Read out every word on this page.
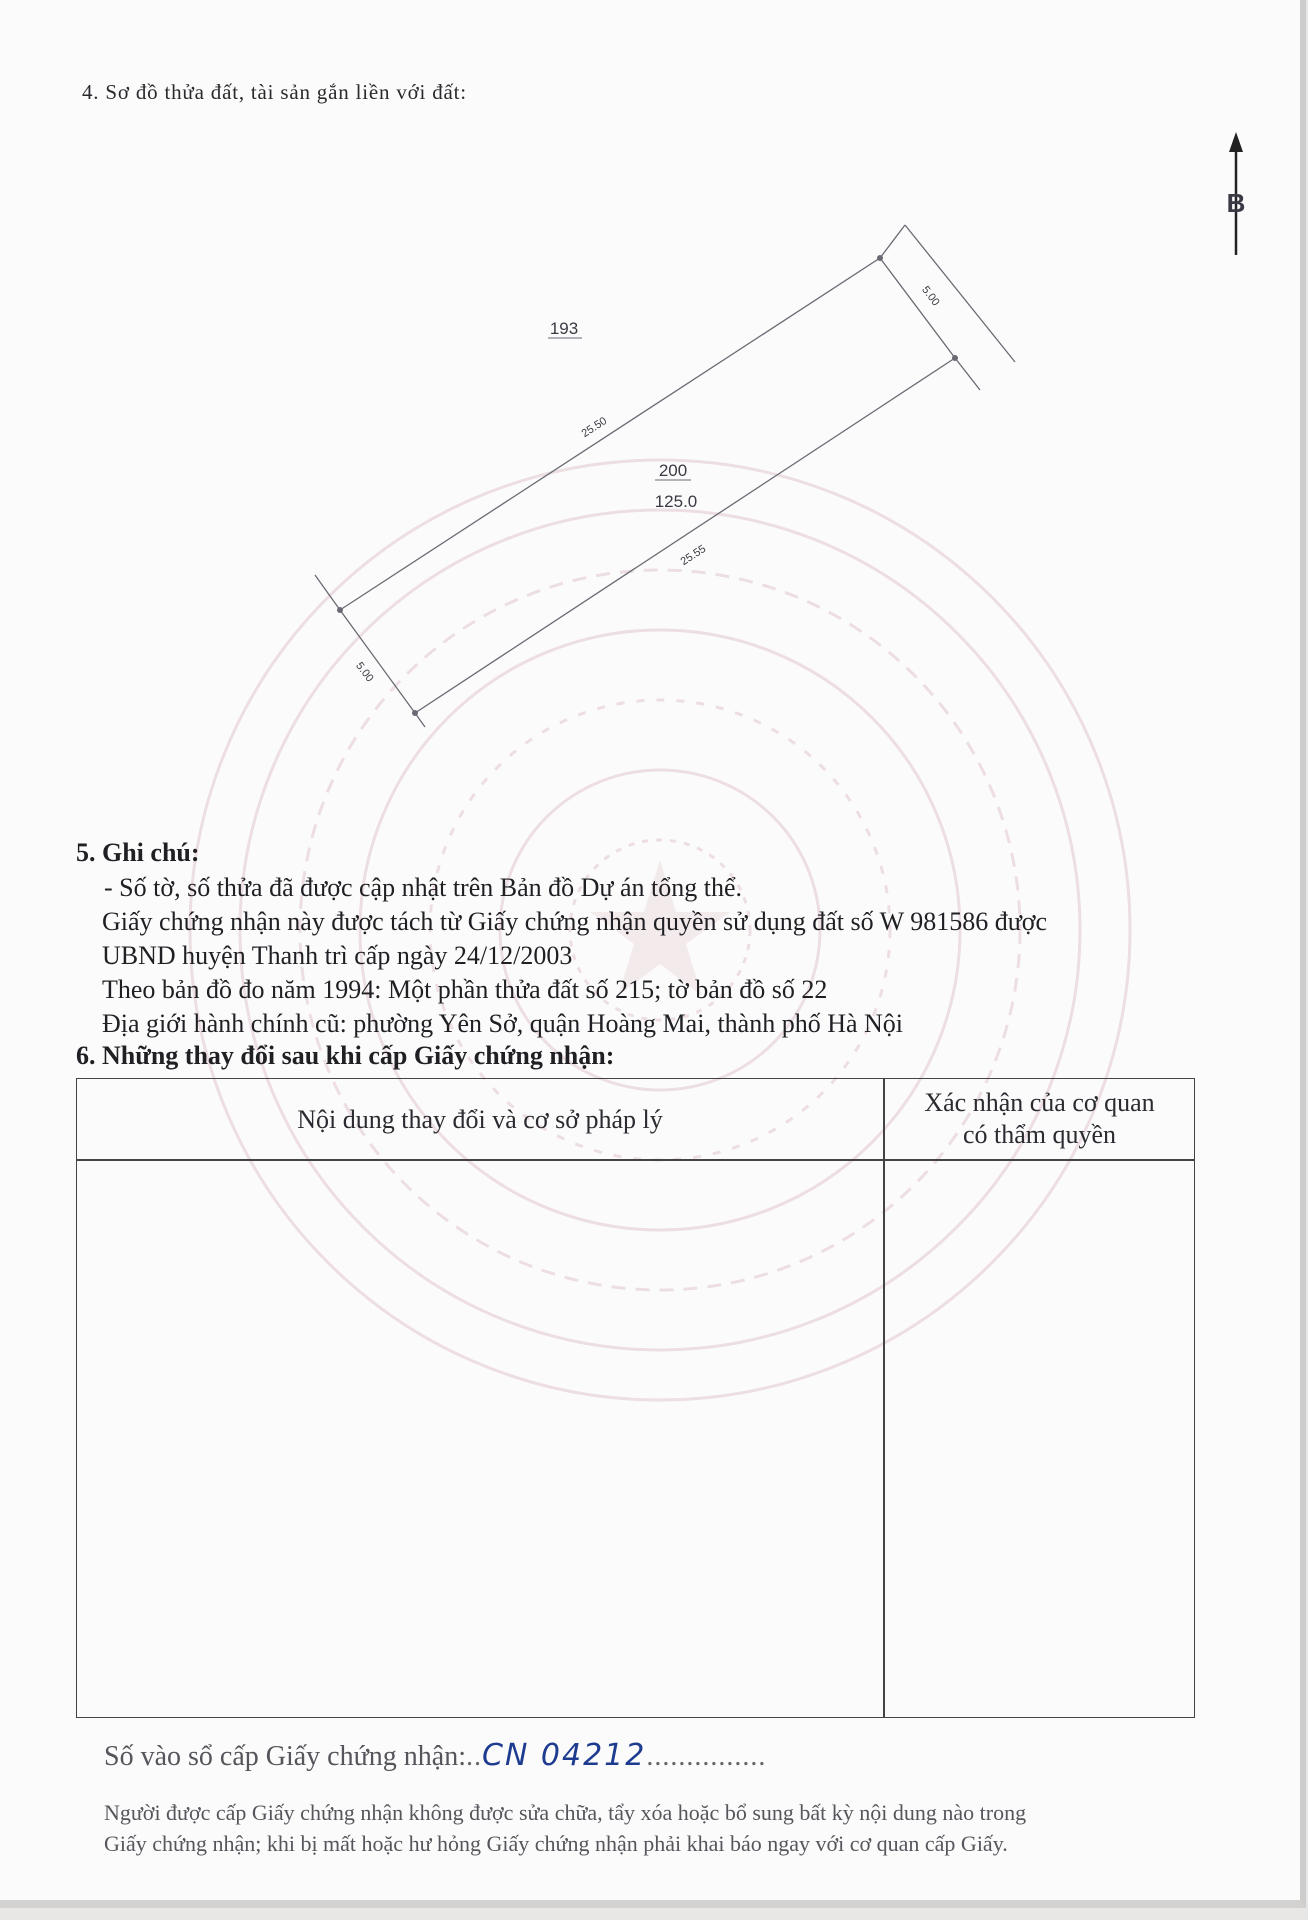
4. Sơ đồ thửa đất, tài sản gắn liền với đất:
B
193
200
125.0
25.50
25.55
5.00
5.00
5. Ghi chú:
- Số tờ, số thửa đã được cập nhật trên Bản đồ Dự án tổng thể.
Giấy chứng nhận này được tách từ Giấy chứng nhận quyền sử dụng đất số W 981586 được
UBND huyện Thanh trì cấp ngày 24/12/2003
Theo bản đồ đo năm 1994: Một phần thửa đất số 215; tờ bản đồ số 22
Địa giới hành chính cũ: phường Yên Sở, quận Hoàng Mai, thành phố Hà Nội
6. Những thay đổi sau khi cấp Giấy chứng nhận:
Nội dung thay đổi và cơ sở pháp lý
Xác nhận của cơ quan
có thẩm quyền
Số vào sổ cấp Giấy chứng nhận:..CN 04212...............
Người được cấp Giấy chứng nhận không được sửa chữa, tẩy xóa hoặc bổ sung bất kỳ nội dung nào trong
Giấy chứng nhận; khi bị mất hoặc hư hỏng Giấy chứng nhận phải khai báo ngay với cơ quan cấp Giấy.
